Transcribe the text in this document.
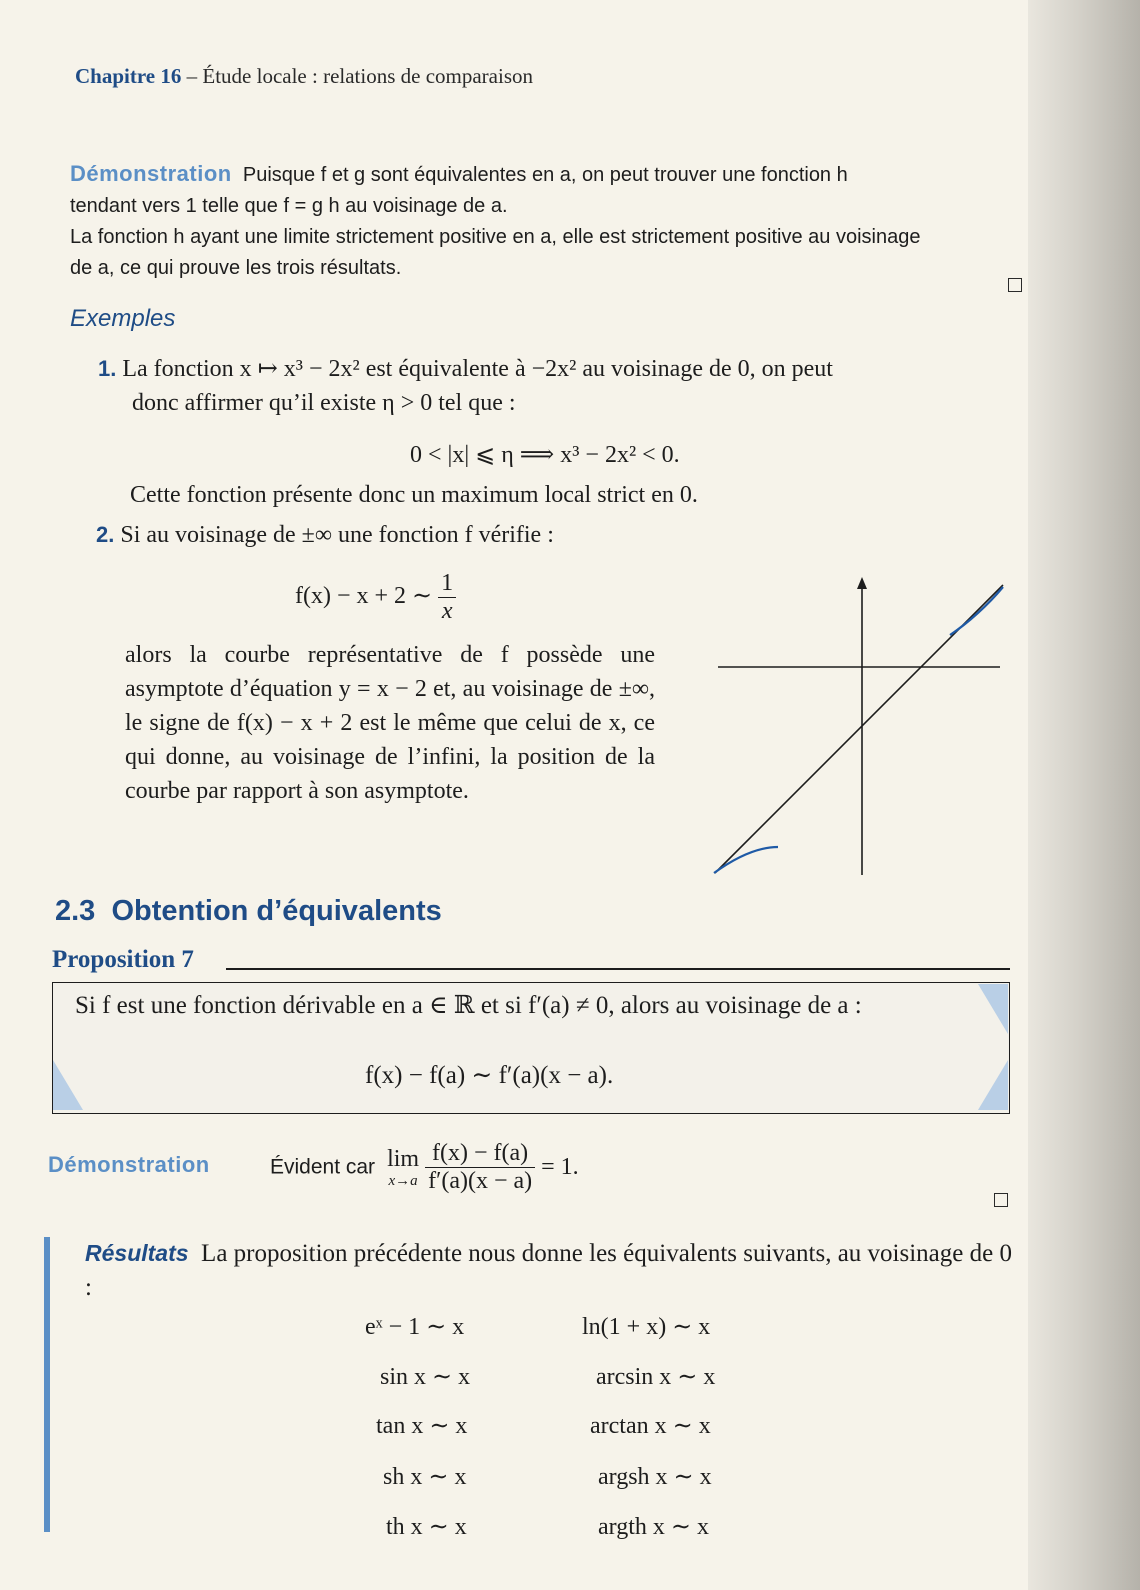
Chapitre 16 – Étude locale : relations de comparaison
Démonstration Puisque f et g sont équivalentes en a, on peut trouver une fonction h
tendant vers 1 telle que f = g h au voisinage de a.
La fonction h ayant une limite strictement positive en a, elle est strictement positive au voisinage
de a, ce qui prouve les trois résultats.
Exemples
1. La fonction x ↦ x³ − 2x² est équivalente à −2x² au voisinage de 0, on peut
donc affirmer qu’il existe η > 0 tel que :
0 < |x| ⩽ η ⟹ x³ − 2x² < 0.
Cette fonction présente donc un maximum local strict en 0.
2. Si au voisinage de ±∞ une fonction f vérifie :
f(x) − x + 2 ∼ $\frac{1}{x}$
alors la courbe représentative de f possède une asymptote d’équation y = x − 2 et, au voisinage de ±∞, le signe de f(x) − x + 2 est le même que celui de x, ce qui donne, au voisinage de l’infini, la position de la courbe par rapport à son asymptote.
2.3 Obtention d’équivalents
Proposition 7
Si f est une fonction dérivable en a ∈ ℝ et si f′(a) ≠ 0, alors au voisinage de a :
f(x) − f(a) ∼ f′(a)(x − a).
Démonstration	Évident car lim
x→a
$\frac{f(x) - f(a)}{f'(a)(x - a)} = 1$.
Résultats La proposition précédente nous donne les équivalents suivants, au voisinage de 0 :
eˣ − 1 ∼ x
sin x ∼ x
tan x ∼ x
sh x ∼ x
th x ∼ x
ln(1 + x) ∼ x
arcsin x ∼ x
arctan x ∼ x
argsh x ∼ x
argth x ∼ x
